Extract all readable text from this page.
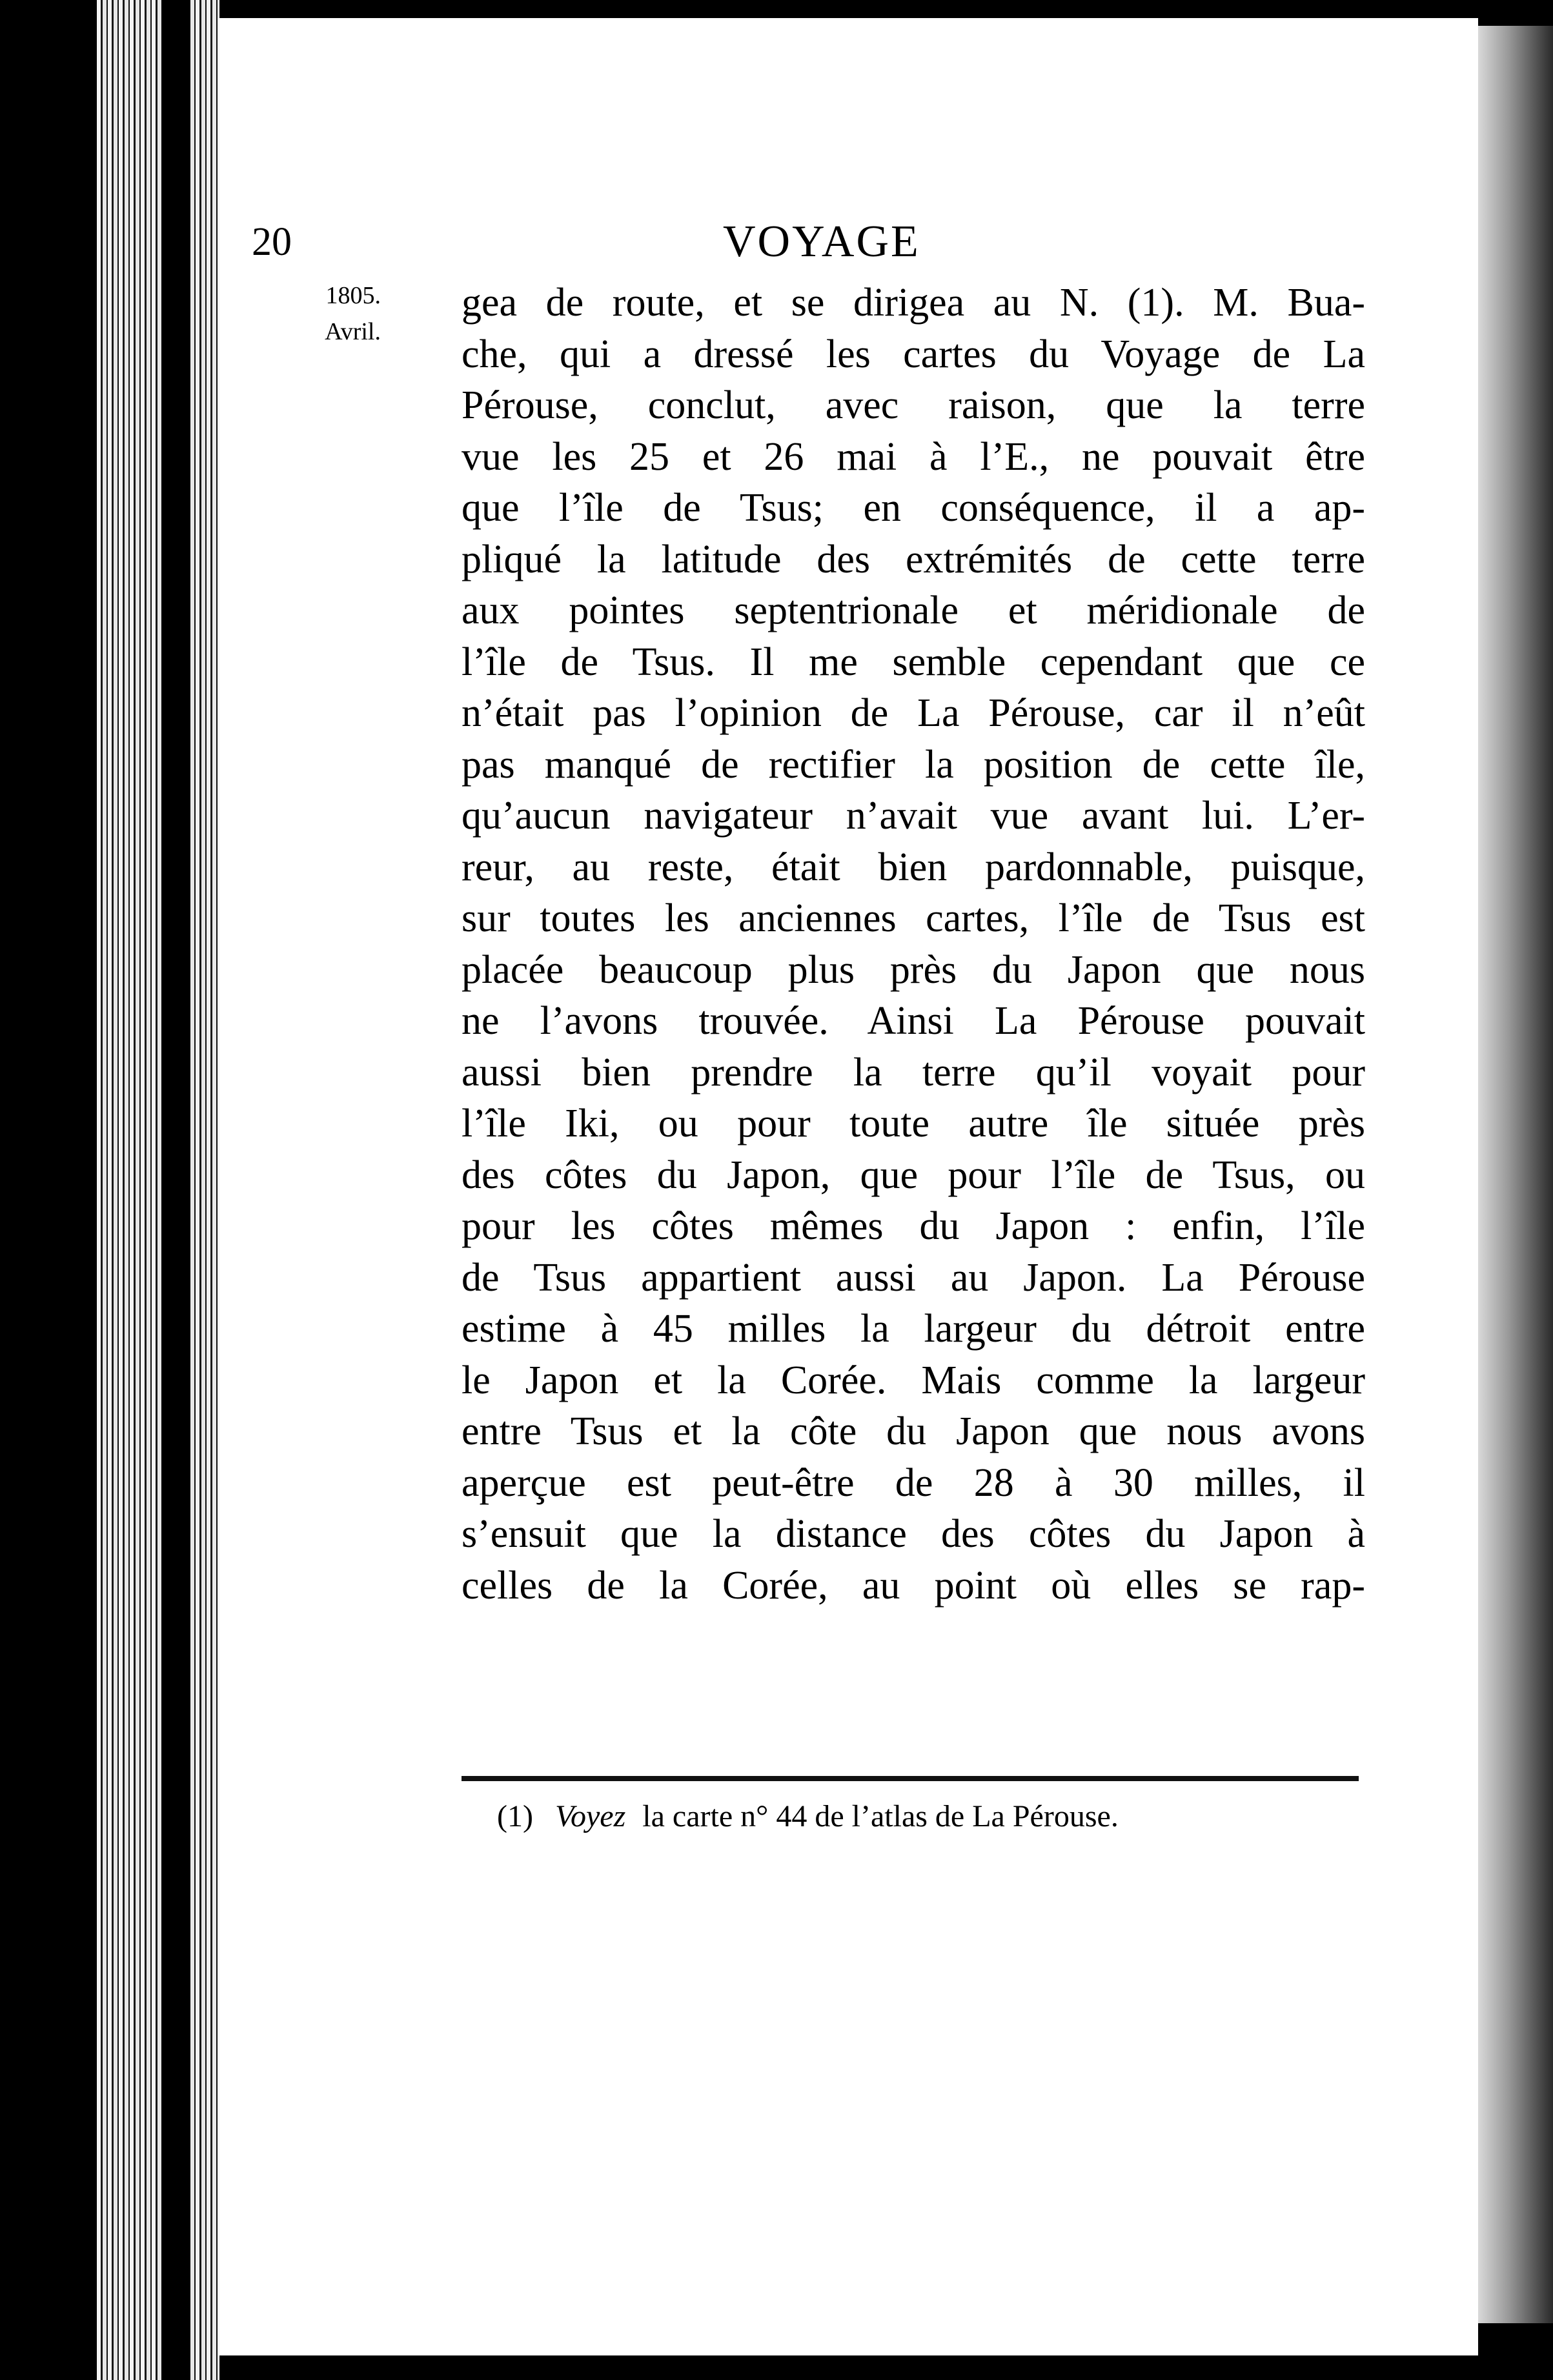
20	VOYAGE
1805.
Avril.
gea de route, et se dirigea au N. (1). M. Bua-
che, qui a dressé les cartes du Voyage de La
Pérouse, conclut, avec raison, que la terre
vue les 25 et 26 mai à l’E., ne pouvait être
que l’île de Tsus; en conséquence, il a ap-
pliqué la latitude des extrémités de cette terre
aux pointes septentrionale et méridionale de
l’île de Tsus. Il me semble cependant que ce
n’était pas l’opinion de La Pérouse, car il n’eût
pas manqué de rectifier la position de cette île,
qu’aucun navigateur n’avait vue avant lui. L’er-
reur, au reste, était bien pardonnable, puisque,
sur toutes les anciennes cartes, l’île de Tsus est
placée beaucoup plus près du Japon que nous
ne l’avons trouvée. Ainsi La Pérouse pouvait
aussi bien prendre la terre qu’il voyait pour
l’île Iki, ou pour toute autre île située près
des côtes du Japon, que pour l’île de Tsus, ou
pour les côtes mêmes du Japon : enfin, l’île
de Tsus appartient aussi au Japon. La Pérouse
estime à 45 milles la largeur du détroit entre
le Japon et la Corée. Mais comme la largeur
entre Tsus et la côte du Japon que nous avons
aperçue est peut-être de 28 à 30 milles, il
s’ensuit que la distance des côtes du Japon à
celles de la Corée, au point où elles se rap-
(1) Voyez la carte n° 44 de l’atlas de La Pérouse.
